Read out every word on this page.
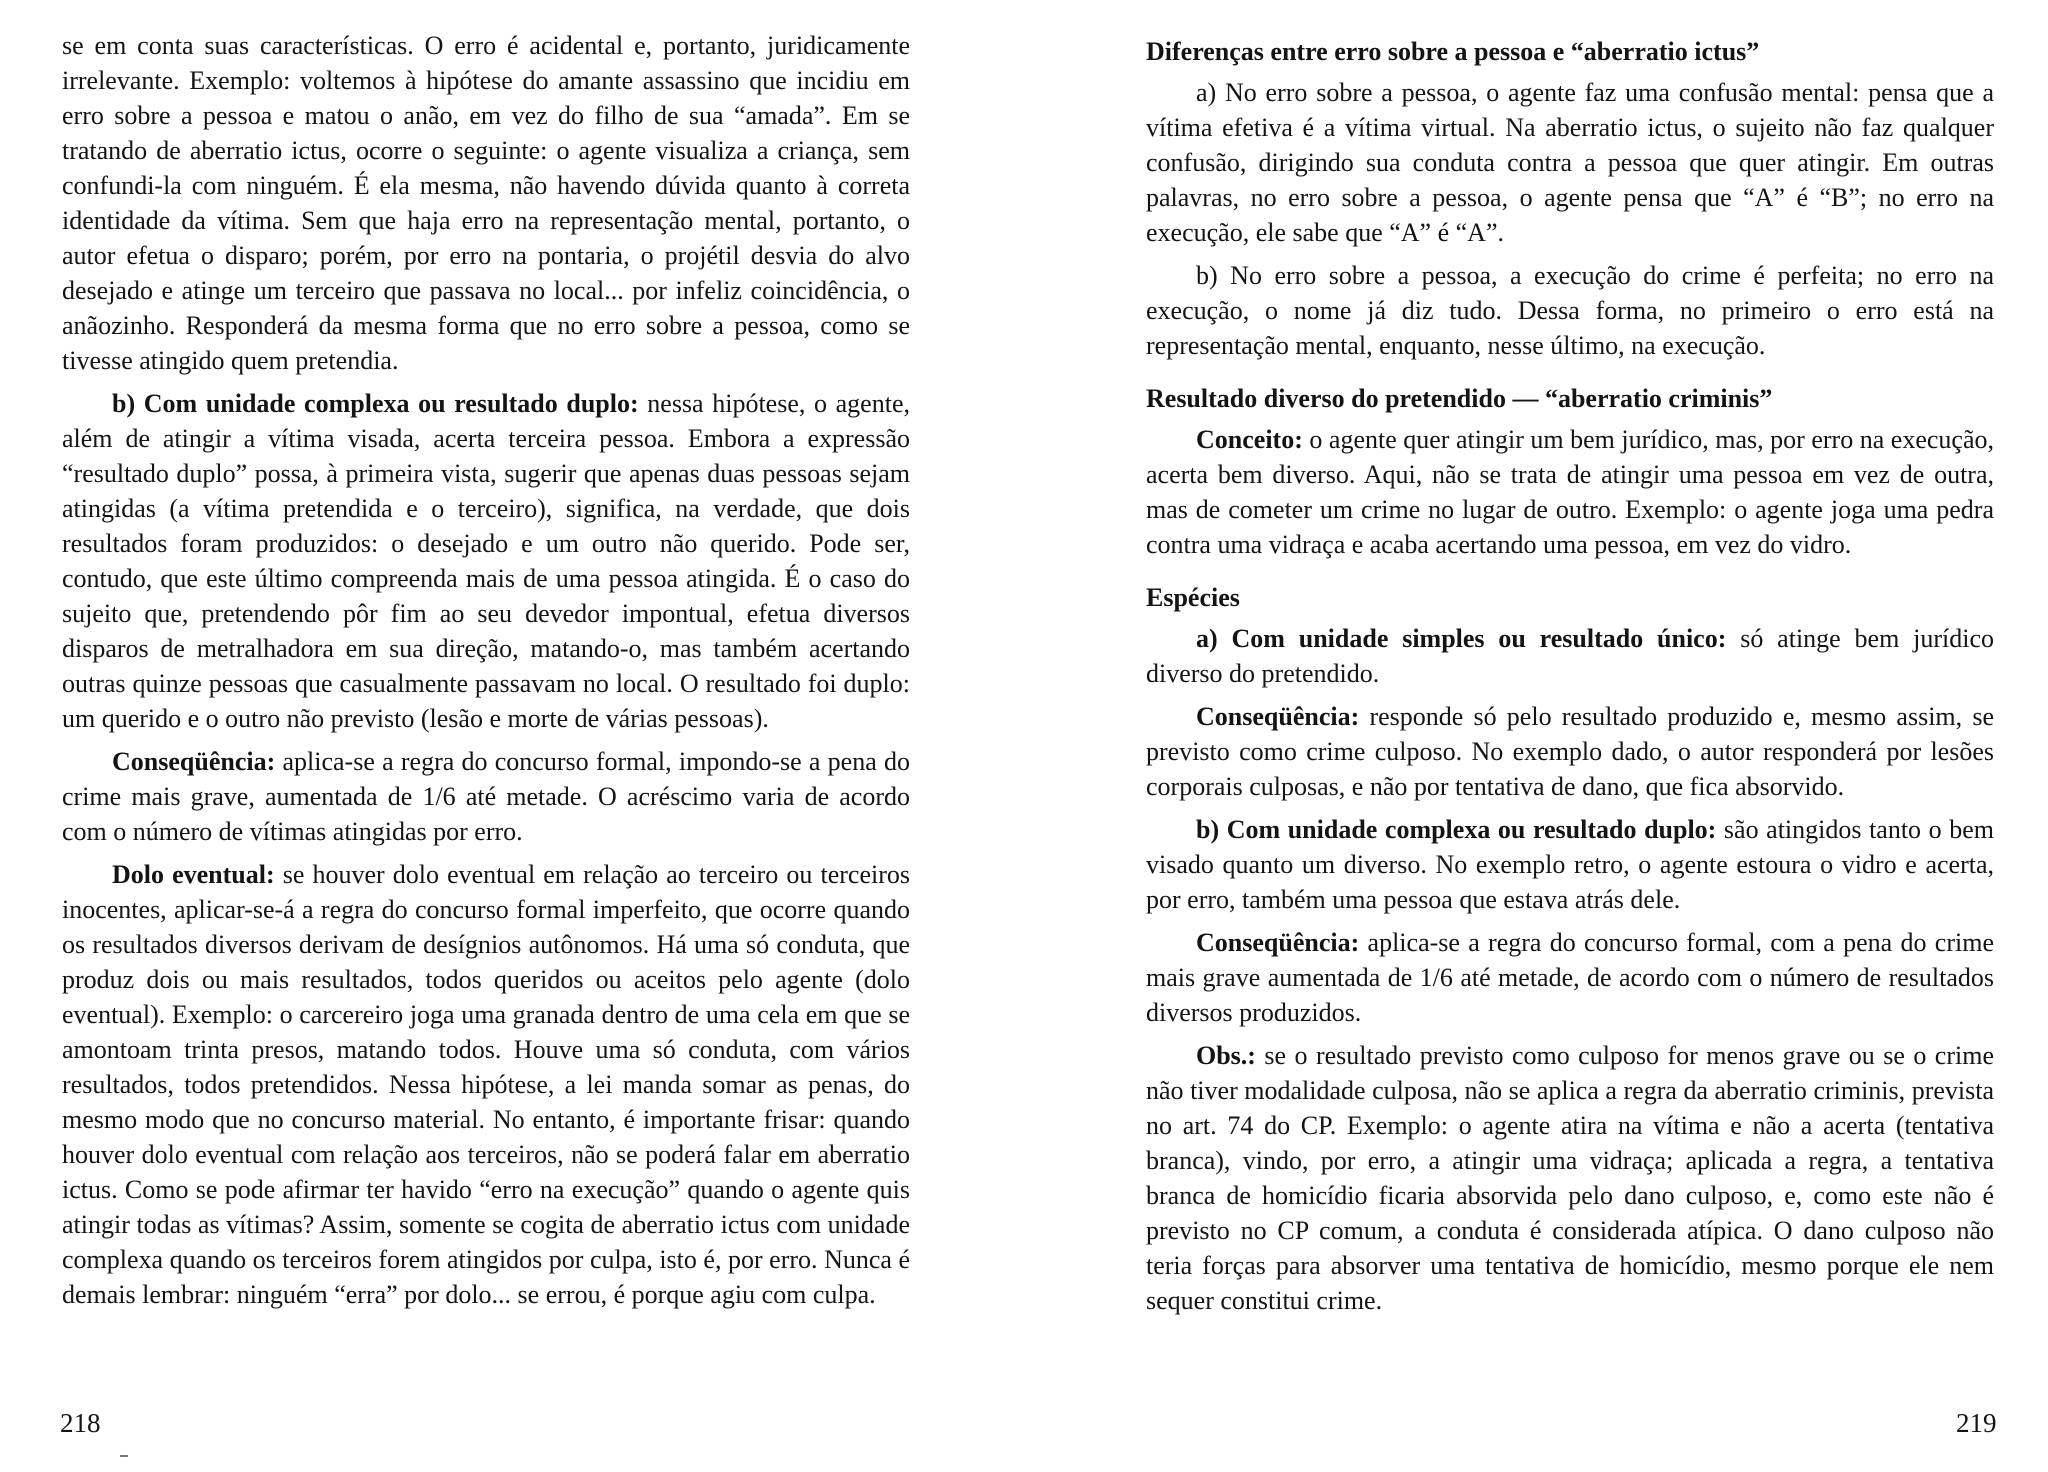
se em conta suas características. O erro é acidental e, portanto, juridicamente irrelevante. Exemplo: voltemos à hipótese do amante assassino que incidiu em erro sobre a pessoa e matou o anão, em vez do filho de sua “amada”. Em se tratando de aberratio ictus, ocorre o seguinte: o agente visualiza a criança, sem confundi-la com ninguém. É ela mesma, não havendo dúvida quanto à correta identidade da vítima. Sem que haja erro na representação mental, portanto, o autor efetua o disparo; porém, por erro na pontaria, o projétil desvia do alvo desejado e atinge um terceiro que passava no local... por infeliz coincidência, o anãozinho. Responderá da mesma forma que no erro sobre a pessoa, como se tivesse atingido quem pretendia.

b) Com unidade complexa ou resultado duplo: nessa hipótese, o agente, além de atingir a vítima visada, acerta terceira pessoa. Embora a expressão “resultado duplo” possa, à primeira vista, sugerir que apenas duas pessoas sejam atingidas (a vítima pretendida e o terceiro), significa, na verdade, que dois resultados foram produzidos: o desejado e um outro não querido. Pode ser, contudo, que este último compreenda mais de uma pessoa atingida. É o caso do sujeito que, pretendendo pôr fim ao seu devedor impontual, efetua diversos disparos de metralhadora em sua direção, matando-o, mas também acertando outras quinze pessoas que casualmente passavam no local. O resultado foi duplo: um querido e o outro não previsto (lesão e morte de várias pessoas).

Conseqüência: aplica-se a regra do concurso formal, impondo-se a pena do crime mais grave, aumentada de 1/6 até metade. O acréscimo varia de acordo com o número de vítimas atingidas por erro.

Dolo eventual: se houver dolo eventual em relação ao terceiro ou terceiros inocentes, aplicar-se-á a regra do concurso formal imperfeito, que ocorre quando os resultados diversos derivam de desígnios autônomos. Há uma só conduta, que produz dois ou mais resultados, todos queridos ou aceitos pelo agente (dolo eventual). Exemplo: o carcereiro joga uma granada dentro de uma cela em que se amontoam trinta presos, matando todos. Houve uma só conduta, com vários resultados, todos pretendidos. Nessa hipótese, a lei manda somar as penas, do mesmo modo que no concurso material. No entanto, é importante frisar: quando houver dolo eventual com relação aos terceiros, não se poderá falar em aberratio ictus. Como se pode afirmar ter havido “erro na execução” quando o agente quis atingir todas as vítimas? Assim, somente se cogita de aberratio ictus com unidade complexa quando os terceiros forem atingidos por culpa, isto é, por erro. Nunca é demais lembrar: ninguém “erra” por dolo... se errou, é porque agiu com culpa.

Diferenças entre erro sobre a pessoa e “aberratio ictus”

a) No erro sobre a pessoa, o agente faz uma confusão mental: pensa que a vítima efetiva é a vítima virtual. Na aberratio ictus, o sujeito não faz qualquer confusão, dirigindo sua conduta contra a pessoa que quer atingir. Em outras palavras, no erro sobre a pessoa, o agente pensa que “A” é “B”; no erro na execução, ele sabe que “A” é “A”.

b) No erro sobre a pessoa, a execução do crime é perfeita; no erro na execução, o nome já diz tudo. Dessa forma, no primeiro o erro está na representação mental, enquanto, nesse último, na execução.

Resultado diverso do pretendido — “aberratio criminis”

Conceito: o agente quer atingir um bem jurídico, mas, por erro na execução, acerta bem diverso. Aqui, não se trata de atingir uma pessoa em vez de outra, mas de cometer um crime no lugar de outro. Exemplo: o agente joga uma pedra contra uma vidraça e acaba acertando uma pessoa, em vez do vidro.

Espécies

a) Com unidade simples ou resultado único: só atinge bem jurídico diverso do pretendido.

Conseqüência: responde só pelo resultado produzido e, mesmo assim, se previsto como crime culposo. No exemplo dado, o autor responderá por lesões corporais culposas, e não por tentativa de dano, que fica absorvido.

b) Com unidade complexa ou resultado duplo: são atingidos tanto o bem visado quanto um diverso. No exemplo retro, o agente estoura o vidro e acerta, por erro, também uma pessoa que estava atrás dele.

Conseqüência: aplica-se a regra do concurso formal, com a pena do crime mais grave aumentada de 1/6 até metade, de acordo com o número de resultados diversos produzidos.

Obs.: se o resultado previsto como culposo for menos grave ou se o crime não tiver modalidade culposa, não se aplica a regra da aberratio criminis, prevista no art. 74 do CP. Exemplo: o agente atira na vítima e não a acerta (tentativa branca), vindo, por erro, a atingir uma vidraça; aplicada a regra, a tentativa branca de homicídio ficaria absorvida pelo dano culposo, e, como este não é previsto no CP comum, a conduta é considerada atípica. O dano culposo não teria forças para absorver uma tentativa de homicídio, mesmo porque ele nem sequer constitui crime.

218	219
